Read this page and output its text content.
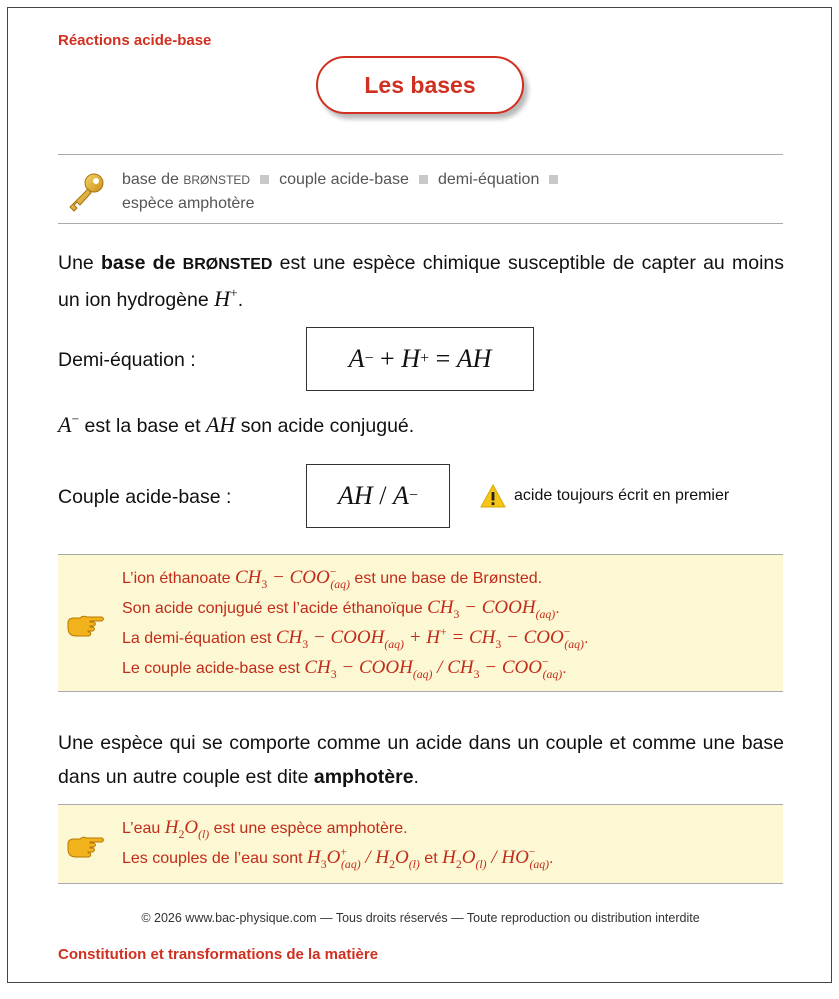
Réactions acide-base
Les bases
base de BRØNSTED couple acide-base demi-équation
espèce amphotère
Une base de BRØNSTED est une espèce chimique susceptible de capter au moins un ion hydrogène H+.
Demi-équation :	A − + H + = AH
A− est la base et AH son acide conjugué.
Couple acide-base :	AH / A −	acide toujours écrit en premier
L’ion éthanoate $CH_3 - COO^-_{(aq)}$ est une base de Brønsted.
Son acide conjugué est l’acide éthanoïque $CH_3$ − $COOH_{(aq)}$.
La demi-équation est $CH_3$ − $COOH_{(aq)} + H^+ = CH_3 - COO^-_{(aq)}$.
Le couple acide-base est $CH_3$ − $COOH_{(aq)} / CH_3 - COO^-_{(aq)}$.
Une espèce qui se comporte comme un acide dans un couple et comme une base dans un autre couple est dite amphotère.
L’eau $H_2O_{(l)}$ est une espèce amphotère.
Les couples de l’eau sont $H_3O^+_{(aq)} / H_2O_{(l)}$ et $H_2O_{(l)} / HO^-_{(aq)}$.
© 2026 www.bac-physique.com — Tous droits réservés — Toute reproduction ou distribution interdite
Constitution et transformations de la matière
